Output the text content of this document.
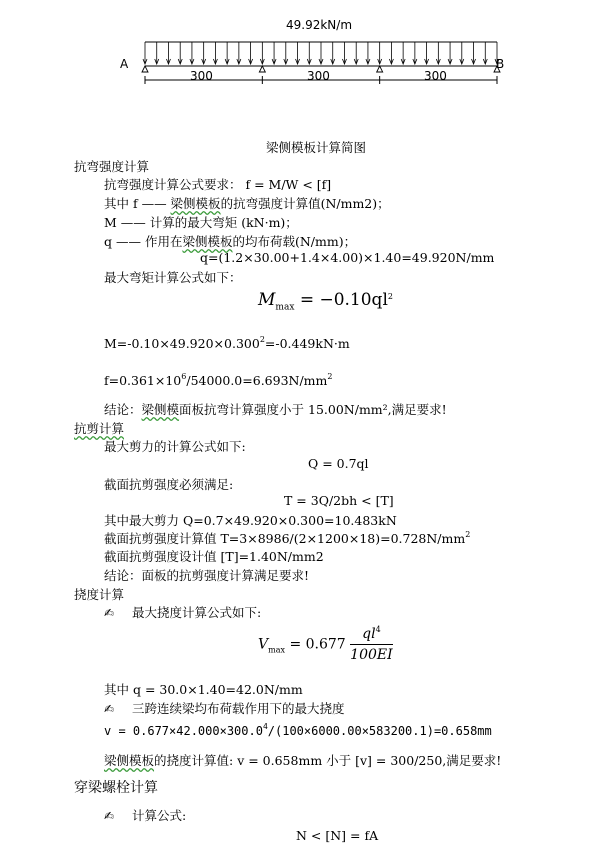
49.92kN/m
A	B
300	300	300
梁侧模板计算简图
抗弯强度计算
抗弯强度计算公式要求： f = M/W < [f]
其中 f —— 梁侧模板的抗弯强度计算值(N/mm2)；
M —— 计算的最大弯矩 (kN·m)；
q —— 作用在梁侧模板的均布荷载(N/mm)；
q=(1.2×30.00+1.4×4.00)×1.40=49.920N/mm
最大弯矩计算公式如下：
$M_{max} = -0.10ql^2$
$M=-0.10\times 49.920\times 0.300^2=-0.449kN\cdot m$
$f=0.361\times 10^6/54000.0=6.693N/mm^2$
结论：梁侧模面板抗弯计算强度小于 15.00N/mm²,满足要求!
抗剪计算
最大剪力的计算公式如下:
Q = 0.7ql
截面抗剪强度必须满足:
T = 3Q/2bh < [T]
其中最大剪力 Q=0.7×49.920×0.300=10.483kN
截面抗剪强度计算值 $T=3\times 8986/(2\times 1200\times 18)=0.728N/mm^2$
截面抗剪强度设计值 [T]=1.40N/mm2
结论：面板的抗剪强度计算满足要求!
挠度计算
✍ 最大挠度计算公式如下:
$V_{max} = 0.677 \frac{ql^4}{100EI}$
其中 q = 30.0×1.40=42.0N/mm
✍ 三跨连续梁均布荷载作用下的最大挠度
$v = 0.677\times 42.000\times 300.0^4/(100\times 6000.00\times 583200.1)=0.658mm$
梁侧模板的挠度计算值: v = 0.658mm 小于 [v] = 300/250,满足要求!
穿梁螺栓计算
✍ 计算公式:
N < [N] = fA
